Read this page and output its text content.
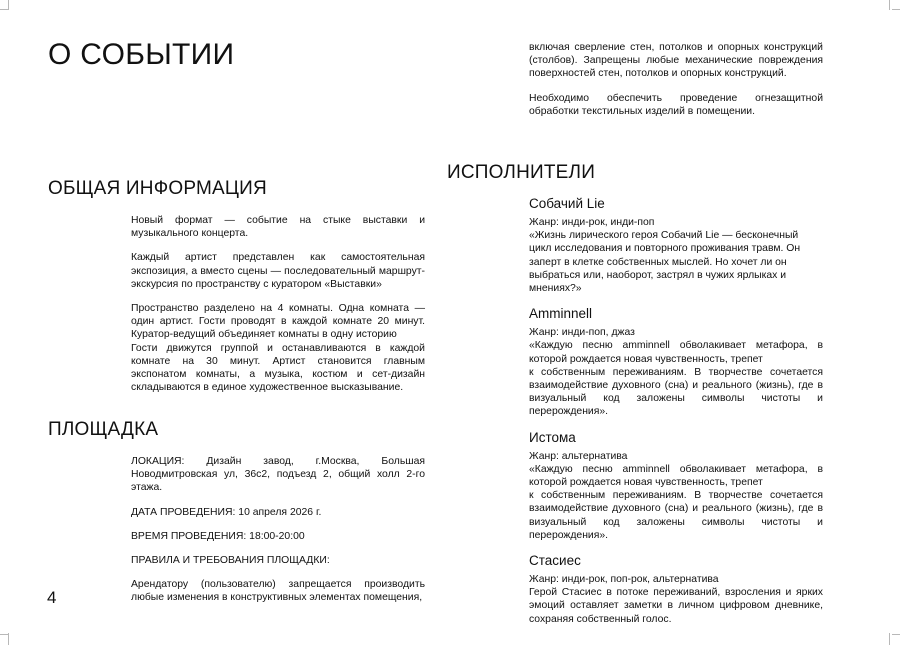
О СОБЫТИИ
ОБЩАЯ ИНФОРМАЦИЯ

Новый формат — событие на стыке выставки и музыкального концерта.

Каждый артист представлен как самостоятельная экспозиция, а вместо сцены — последовательный маршрут-экскурсия по пространству с куратором «Выставки»

Пространство разделено на 4 комнаты. Одна комната — один артист. Гости проводят в каждой комнате 20 минут. Куратор-ведущий объединяет комнаты в одну историю

Гости движутся группой и останавливаются в каждой комнате на 30 минут. Артист становится главным экспонатом комнаты, а музыка, костюм и сет-дизайн складываются в единое художественное высказывание.

ПЛОЩАДКА

ЛОКАЦИЯ: Дизайн завод, г.Москва, Большая Новодмитровская ул, 36с2, подъезд 2, общий холл 2-го этажа.

ДАТА ПРОВЕДЕНИЯ: 10 апреля 2026 г.

ВРЕМЯ ПРОВЕДЕНИЯ: 18:00-20:00

ПРАВИЛА И ТРЕБОВАНИЯ ПЛОЩАДКИ:

Арендатору (пользователю) запрещается производить любые изменения в конструктивных элементах помещения,

4

включая сверление стен, потолков и опорных конструкций (столбов). Запрещены любые механические повреждения поверхностей стен, потолков и опорных конструкций.

Необходимо обеспечить проведение огнезащитной обработки текстильных изделий в помещении.

ИСПОЛНИТЕЛИ
Собачий Lie
Жанр: инди-рок, инди-поп
«Жизнь лирического героя Собачий Lie — бесконечный цикл исследования и повторного проживания травм. Он заперт в клетке собственных мыслей. Но хочет ли он выбраться или, наоборот, застрял в чужих ярлыках и мнениях?»
Amminnell
Жанр: инди-поп, джаз
«Каждую песню amminnell обволакивает метафора, в которой рождается новая чувственность, трепет
к собственным переживаниям. В творчестве сочетается взаимодействие духовного (сна) и реального (жизнь), где в визуальный код заложены символы чистоты и перерождения».
Истома
Жанр: альтернатива
«Каждую песню amminnell обволакивает метафора, в которой рождается новая чувственность, трепет
к собственным переживаниям. В творчестве сочетается взаимодействие духовного (сна) и реального (жизнь), где в визуальный код заложены символы чистоты и перерождения».
Стасиес
Жанр: инди-рок, поп-рок, альтернатива
Герой Стасиес в потоке переживаний, взросления и ярких эмоций оставляет заметки в личном цифровом дневнике, сохраняя собственный голос.
